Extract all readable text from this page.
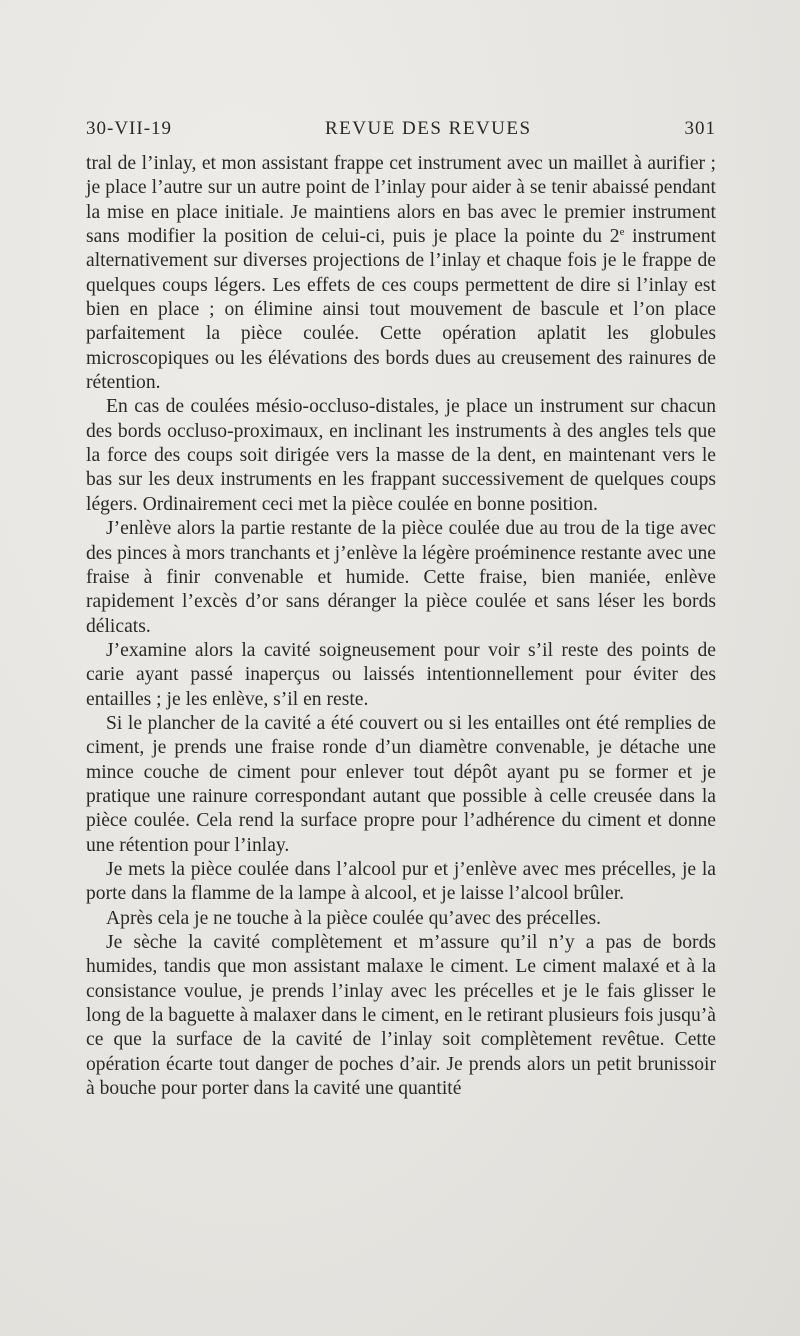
30-VII-19	REVUE DES REVUES	301

tral de l’inlay, et mon assistant frappe cet instrument avec un maillet à aurifier ; je place l’autre sur un autre point de l’inlay pour aider à se tenir abaissé pendant la mise en place initiale. Je maintiens alors en bas avec le premier instrument sans modifier la position de celui-ci, puis je place la pointe du 2e instrument alternativement sur diverses projections de l’inlay et chaque fois je le frappe de quelques coups légers. Les effets de ces coups permettent de dire si l’inlay est bien en place ; on élimine ainsi tout mouvement de bascule et l’on place parfaitement la pièce coulée. Cette opération aplatit les globules microscopiques ou les élévations des bords dues au creusement des rainures de rétention.

En cas de coulées mésio-occluso-distales, je place un instrument sur chacun des bords occluso-proximaux, en inclinant les instruments à des angles tels que la force des coups soit dirigée vers la masse de la dent, en maintenant vers le bas sur les deux instruments en les frappant successivement de quelques coups légers. Ordinairement ceci met la pièce coulée en bonne position.

J’enlève alors la partie restante de la pièce coulée due au trou de la tige avec des pinces à mors tranchants et j’enlève la légère proéminence restante avec une fraise à finir convenable et humide. Cette fraise, bien maniée, enlève rapidement l’excès d’or sans déranger la pièce coulée et sans léser les bords délicats.

J’examine alors la cavité soigneusement pour voir s’il reste des points de carie ayant passé inaperçus ou laissés intentionnellement pour éviter des entailles ; je les enlève, s’il en reste.

Si le plancher de la cavité a été couvert ou si les entailles ont été remplies de ciment, je prends une fraise ronde d’un diamètre convenable, je détache une mince couche de ciment pour enlever tout dépôt ayant pu se former et je pratique une rainure correspondant autant que possible à celle creusée dans la pièce coulée. Cela rend la surface propre pour l’adhérence du ciment et donne une rétention pour l’inlay.

Je mets la pièce coulée dans l’alcool pur et j’enlève avec mes précelles, je la porte dans la flamme de la lampe à alcool, et je laisse l’alcool brûler.

Après cela je ne touche à la pièce coulée qu’avec des précelles.

Je sèche la cavité complètement et m’assure qu’il n’y a pas de bords humides, tandis que mon assistant malaxe le ciment. Le ciment malaxé et à la consistance voulue, je prends l’inlay avec les précelles et je le fais glisser le long de la baguette à malaxer dans le ciment, en le retirant plusieurs fois jusqu’à ce que la surface de la cavité de l’inlay soit complètement revêtue. Cette opération écarte tout danger de poches d’air. Je prends alors un petit brunissoir à bouche pour porter dans la cavité une quantité
